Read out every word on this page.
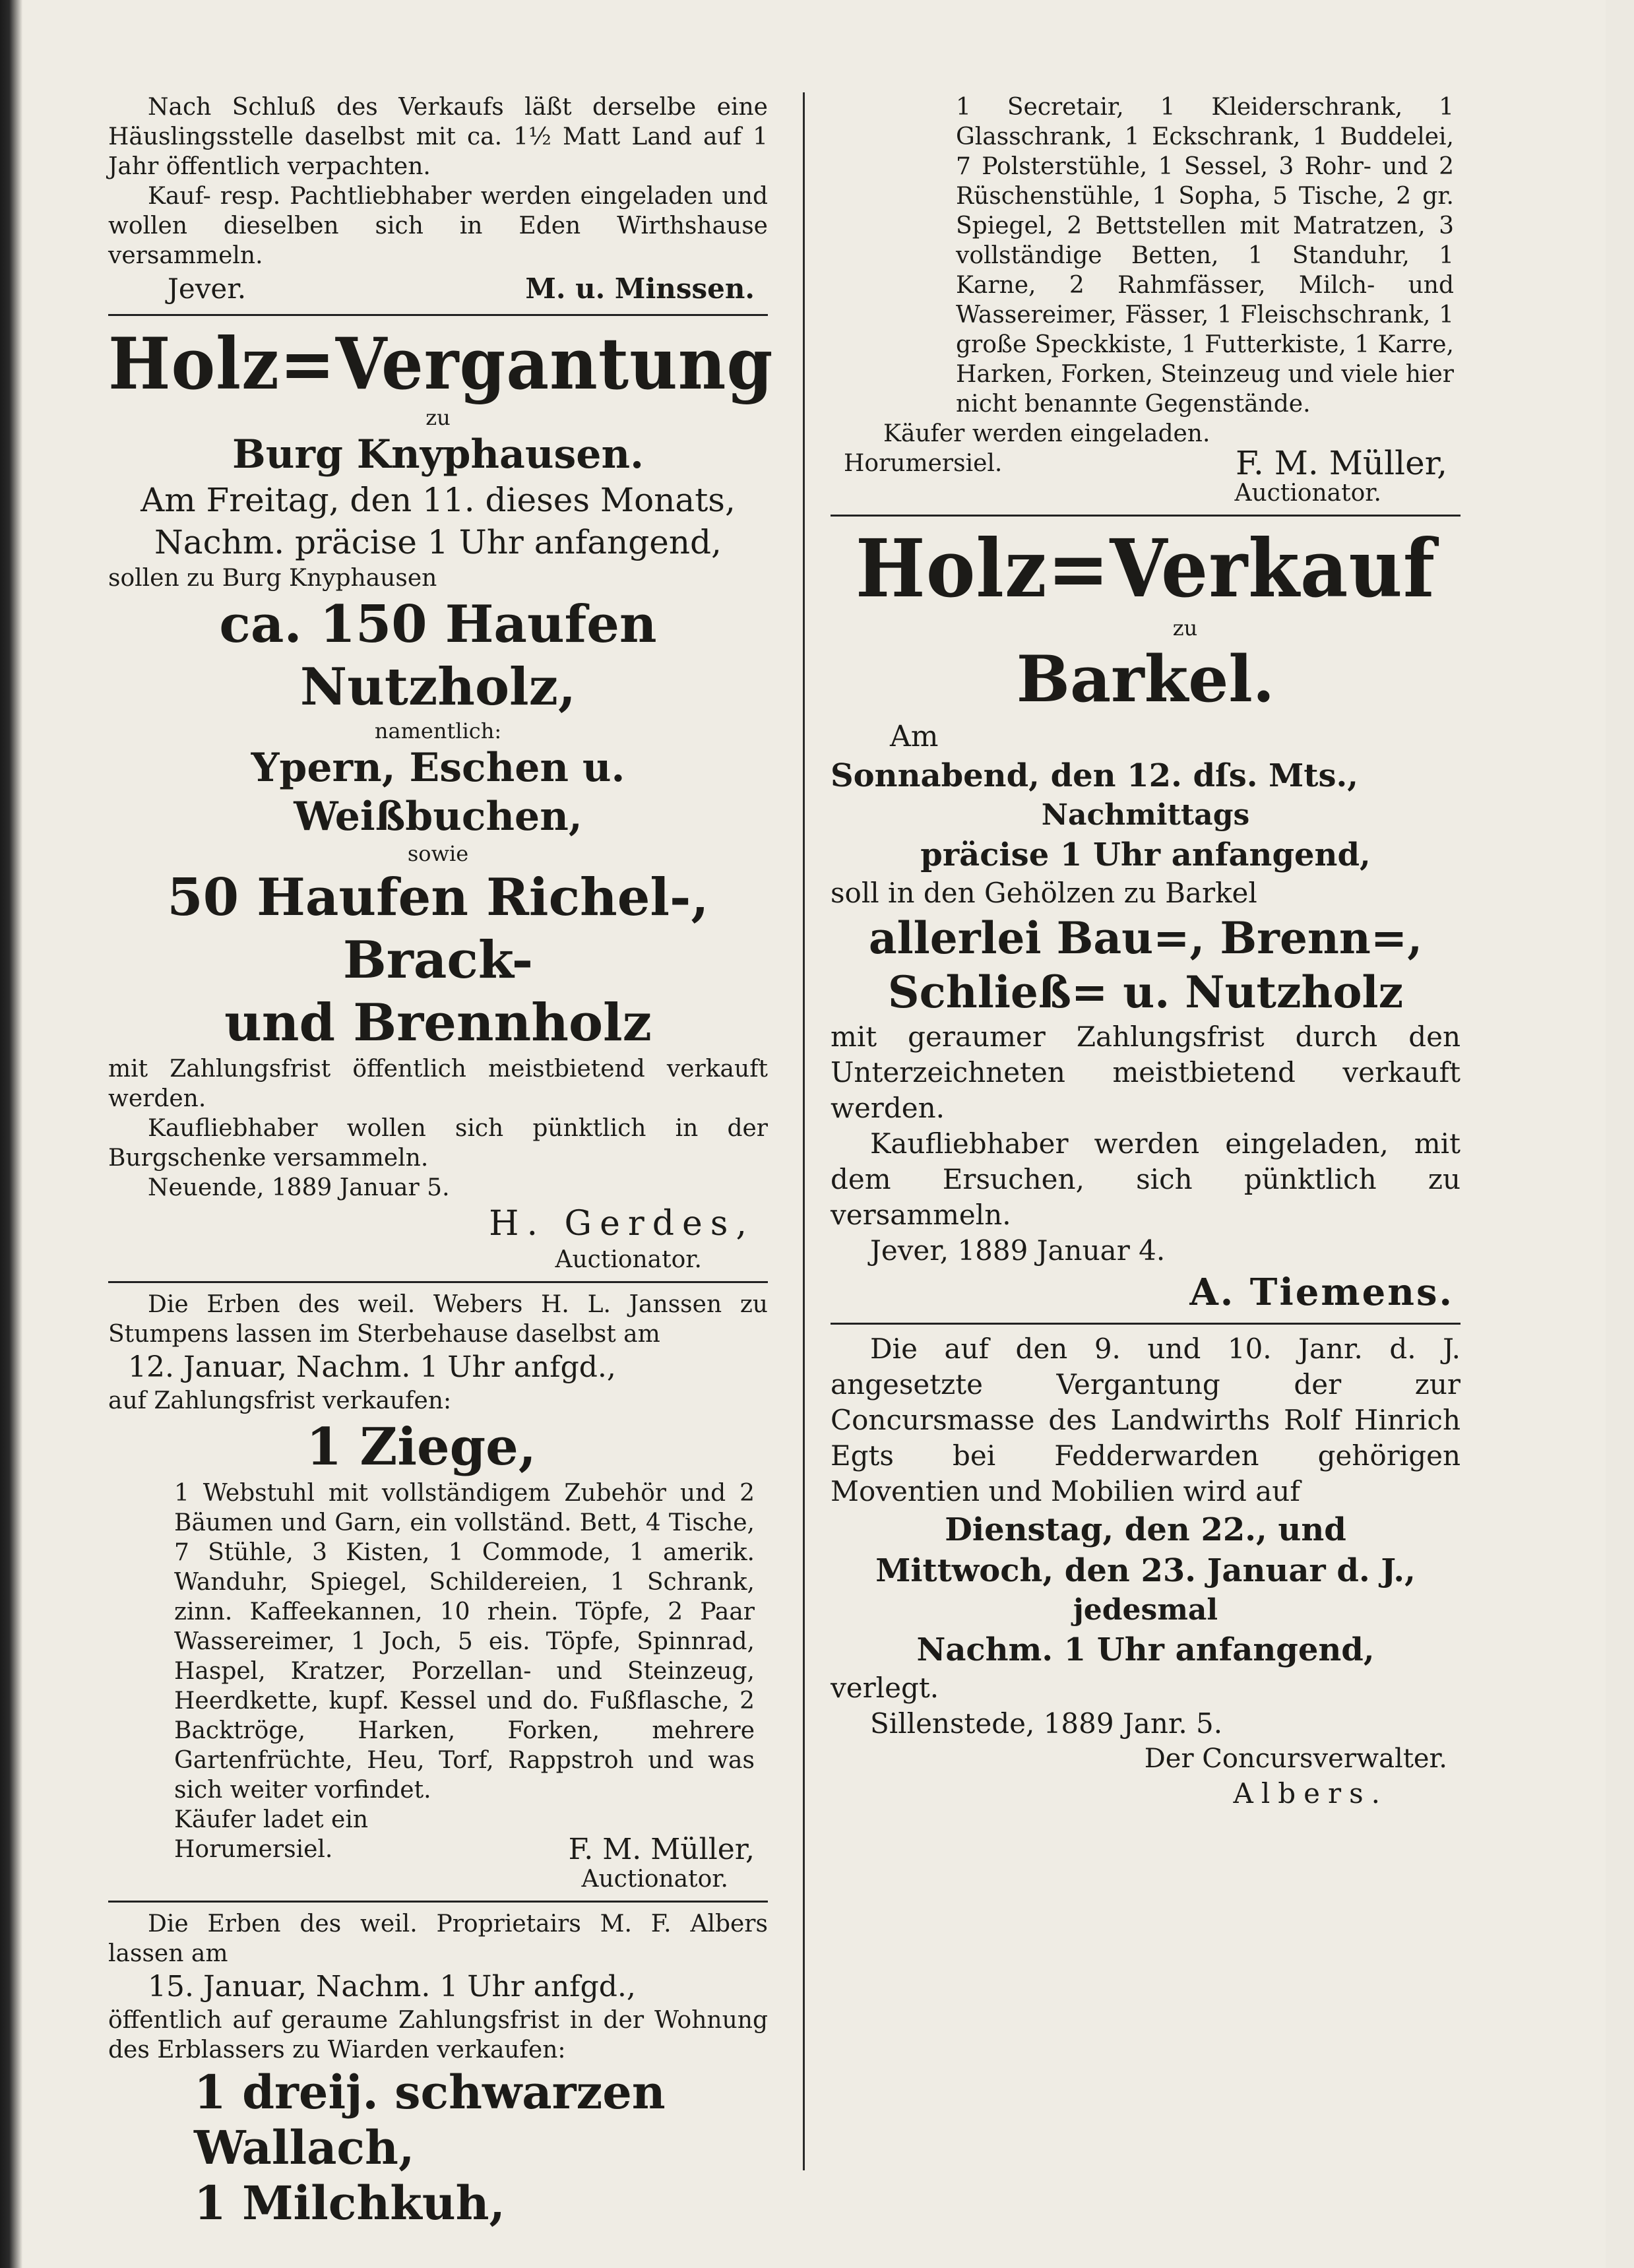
Nach Schluß des Verkaufs läßt derselbe eine Häuslingsstelle daselbst mit ca. 1½ Matt Land auf 1 Jahr öffentlich verpachten.

Kauf- resp. Pachtliebhaber werden eingeladen und wollen dieselben sich in Eden Wirthshause versammeln.

Jever.	M. u. Minssen.
Holz=Vergantung
zu
Burg Knyphausen.
Am Freitag, den 11. dieses Monats,
Nachm. präcise 1 Uhr anfangend,

sollen zu Burg Knyphausen

ca. 150 Haufen Nutzholz,
namentlich:
Ypern, Eschen u. Weißbuchen,
sowie
50 Haufen Richel-, Brack-
und Brennholz

mit Zahlungsfrist öffentlich meistbietend verkauft werden.

Kaufliebhaber wollen sich pünktlich in der Burgschenke versammeln.

Neuende, 1889 Januar 5.

H. Gerdes,
Auctionator.

Die Erben des weil. Webers H. L. Janssen zu Stumpens lassen im Sterbehause daselbst am

12. Januar, Nachm. 1 Uhr anfgd.,

auf Zahlungsfrist verkaufen:

1 Ziege,

1 Webstuhl mit vollständigem Zubehör und 2 Bäumen und Garn, ein vollständ. Bett, 4 Tische, 7 Stühle, 3 Kisten, 1 Commode, 1 amerik. Wanduhr, Spiegel, Schildereien, 1 Schrank, zinn. Kaffeekannen, 10 rhein. Töpfe, 2 Paar Wassereimer, 1 Joch, 5 eis. Töpfe, Spinnrad, Haspel, Kratzer, Porzellan- und Steinzeug, Heerdkette, kupf. Kessel und do. Fußflasche, 2 Backtröge, Harken, Forken, mehrere Gartenfrüchte, Heu, Torf, Rappstroh und was sich weiter vorfindet.

Käufer ladet ein

Horumersiel.	F. M. Müller,
Auctionator.

Die Erben des weil. Proprietairs M. F. Albers lassen am

15. Januar, Nachm. 1 Uhr anfgd.,

öffentlich auf geraume Zahlungsfrist in der Wohnung des Erblassers zu Wiarden verkaufen:

1 dreij. schwarzen Wallach,
1 Milchkuh,

1 Secretair, 1 Kleiderschrank, 1 Glasschrank, 1 Eckschrank, 1 Buddelei, 7 Polsterstühle, 1 Sessel, 3 Rohr- und 2 Rüschenstühle, 1 Sopha, 5 Tische, 2 gr. Spiegel, 2 Bettstellen mit Matratzen, 3 vollständige Betten, 1 Standuhr, 1 Karne, 2 Rahmfässer, Milch- und Wassereimer, Fässer, 1 Fleischschrank, 1 große Speckkiste, 1 Futterkiste, 1 Karre, Harken, Forken, Steinzeug und viele hier nicht benannte Gegenstände.

Käufer werden eingeladen.

Horumersiel.	F. M. Müller,
Auctionator.
Holz=Verkauf
zu
Barkel.
Am
Sonnabend, den 12. dſs. Mts.,
Nachmittags
präcise 1 Uhr anfangend,
soll in den Gehölzen zu Barkel
allerlei Bau=, Brenn=,
Schließ= u. Nutzholz

mit geraumer Zahlungsfrist durch den Unterzeichneten meistbietend verkauft werden.

Kaufliebhaber werden eingeladen, mit dem Ersuchen, sich pünktlich zu versammeln.

Jever, 1889 Januar 4.

A. Tiemens.

Die auf den 9. und 10. Janr. d. J. angesetzte Vergantung der zur Concursmasse des Landwirths Rolf Hinrich Egts bei Fedderwarden gehörigen Moventien und Mobilien wird auf

Dienstag, den 22., und
Mittwoch, den 23. Januar d. J.,
jedesmal
Nachm. 1 Uhr anfangend,
verlegt.
Sillenstede, 1889 Janr. 5.
Der Concursverwalter.
Albers.
